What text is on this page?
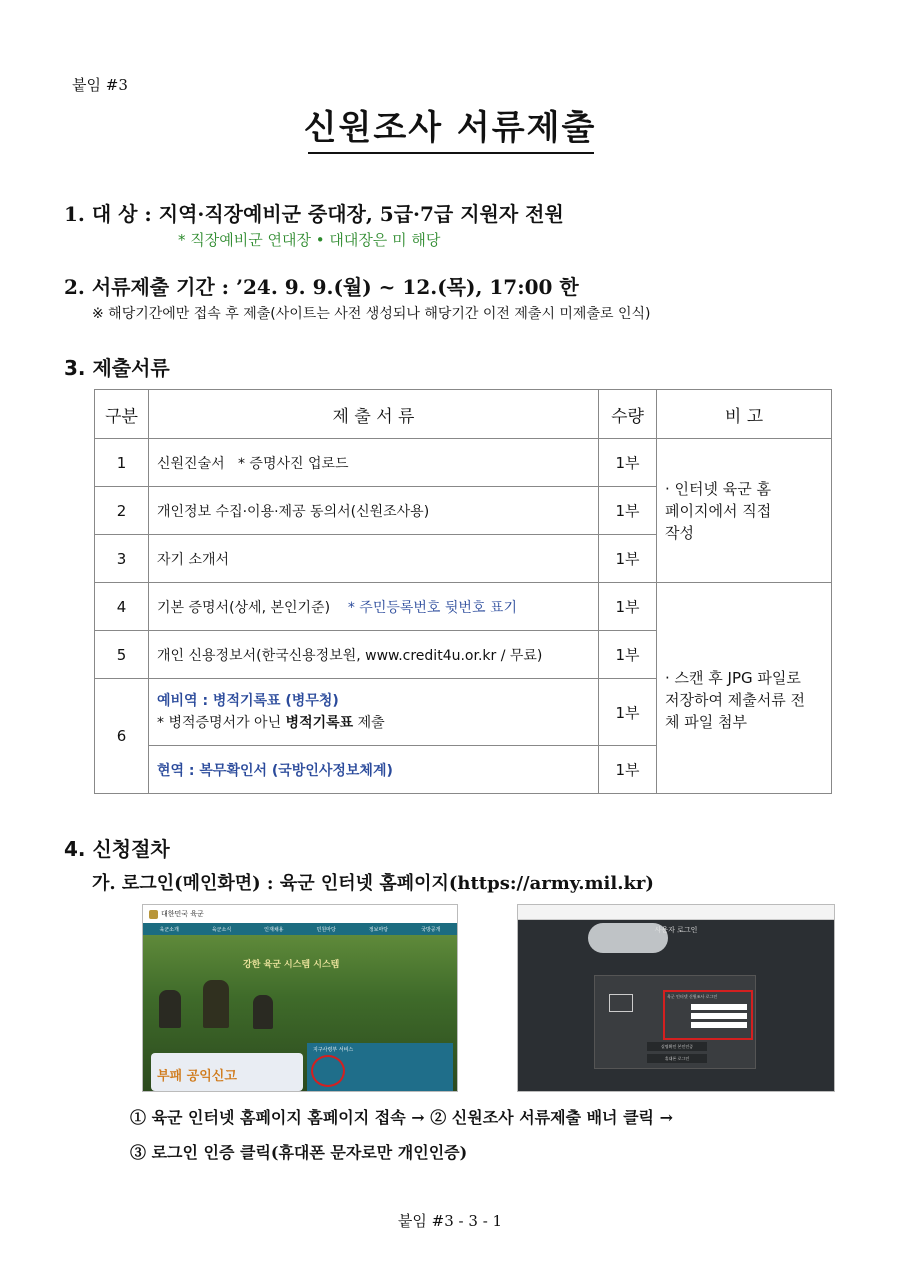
붙임 #3
신원조사 서류제출
1. 대 상 : 지역·직장예비군 중대장, 5급·7급 지원자 전원
* 직장예비군 연대장 • 대대장은 미 해당
2. 서류제출 기간 : ’24. 9. 9.(월) ~ 12.(목), 17:00 한
※ 해당기간에만 접속 후 제출(사이트는 사전 생성되나 해당기간 이전 제출시 미제출로 인식)
3. 제출서류
구분	제 출 서 류	수량	비 고
1	신원진술서 * 증명사진 업로드	1부	· 인터넷 육군 홈페이지에서 직접 작성

2	개인정보 수집·이용·제공 동의서(신원조사용)	1부	
3	자기 소개서	1부	
4	기본 증명서(상세, 본인기준) * 주민등록번호 뒷번호 표기	1부	· 스캔 후 JPG 파일로 저장하여 제출서류 전체 파일 첨부

5	개인 신용정보서(한국신용정보원, www.credit4u.or.kr / 무료)	1부	
6	예비역 : 병적기록표 (병무청)
* 병적증명서가 아닌 병적기록표 제출	1부	
	현역 : 복무확인서 (국방인사정보체계)	1부	
4. 신청절차
가. 로그인(메인화면) : 육군 인터넷 홈페이지(https://army.mil.kr)
대한민국 육군
육군소개	육군소식	인재채용	민원마당	정보마당	국방공개
강한 육군 시스템 시스템
부패 공익신고
지구사령부 서비스
사용자 로그인
육군 인터넷 신원조사 로그인
실명확인 본인인증
휴대폰 로그인
① 육군 인터넷 홈페이지 홈페이지 접속 → ② 신원조사 서류제출 배너 클릭 →
③ 로그인 인증 클릭(휴대폰 문자로만 개인인증)
붙임 #3 - 3 - 1
